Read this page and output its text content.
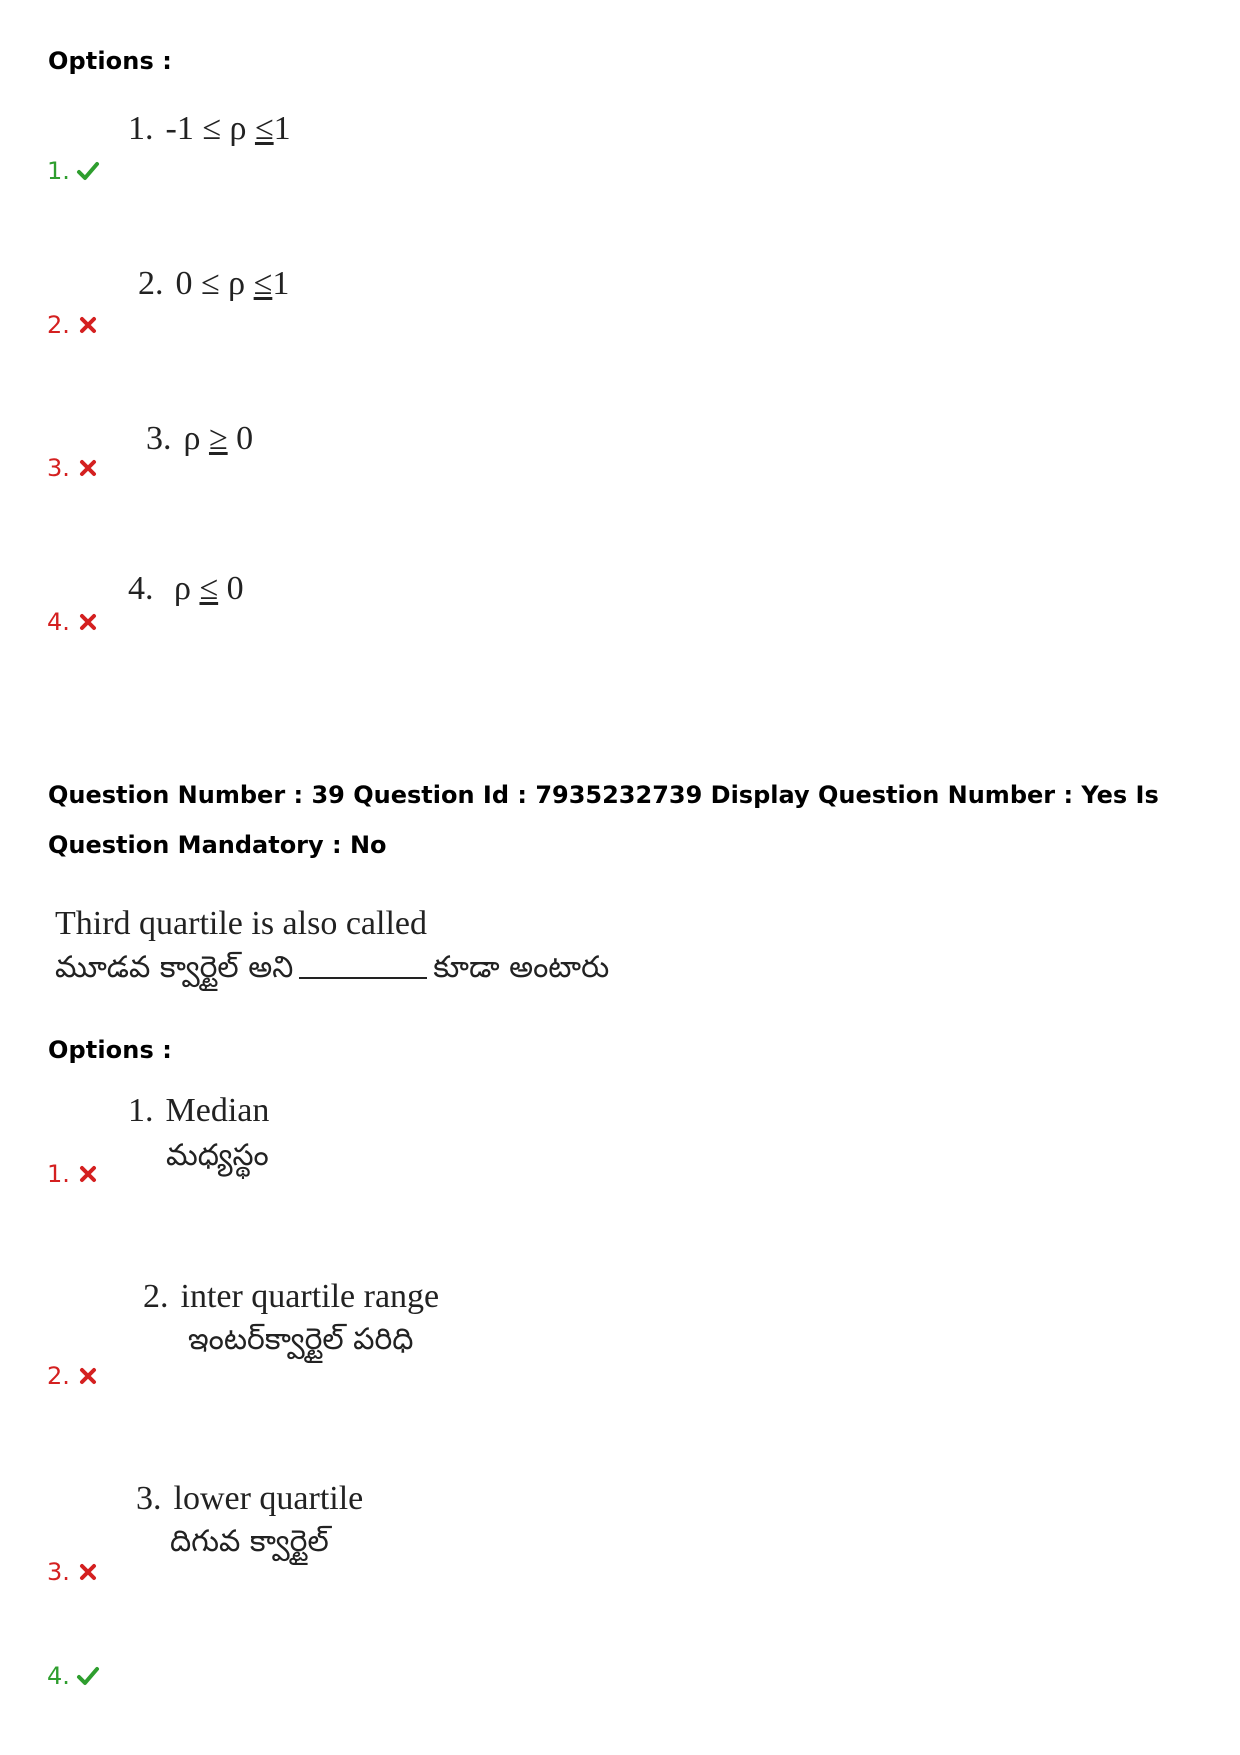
Options :
1. -1 ≤ ρ ≤1
1.
2. 0 ≤ ρ ≤1
2.
3. ρ ≥ 0
3.
4. ρ ≤ 0
4.
Question Number : 39 Question Id : 7935232739 Display Question Number : Yes Is Question Mandatory : No
Third quartile is also called
మూడవ క్వార్టైల్ అని	కూడా అంటారు
Options :
1. Median
మధ్యస్థం
1.
2. inter quartile range
ఇంటర్‌క్వార్టైల్ పరిధి
2.
3. lower quartile
దిగువ క్వార్టైల్
3.
4.
